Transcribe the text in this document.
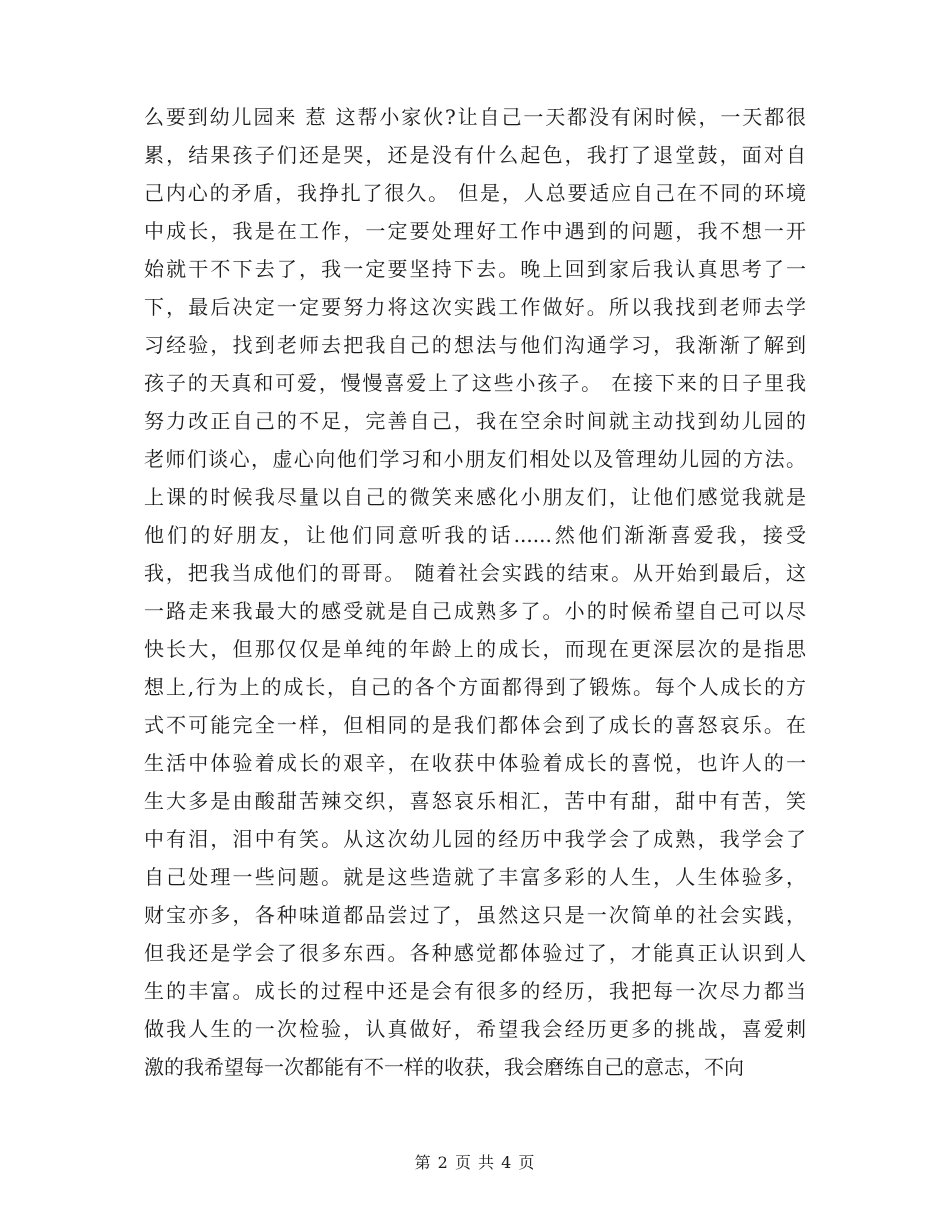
么要到幼儿园来 惹 这帮小家伙?让自己一天都没有闲时候，一天都很
累，结果孩子们还是哭，还是没有什么起色，我打了退堂鼓，面对自
己内心的矛盾，我挣扎了很久。 但是，人总要适应自己在不同的环境
中成长，我是在工作，一定要处理好工作中遇到的问题，我不想一开
始就干不下去了，我一定要坚持下去。晚上回到家后我认真思考了一
下，最后决定一定要努力将这次实践工作做好。所以我找到老师去学
习经验，找到老师去把我自己的想法与他们沟通学习，我渐渐了解到
孩子的天真和可爱，慢慢喜爱上了这些小孩子。 在接下来的日子里我
努力改正自己的不足，完善自己，我在空余时间就主动找到幼儿园的
老师们谈心，虚心向他们学习和小朋友们相处以及管理幼儿园的方法。
上课的时候我尽量以自己的微笑来感化小朋友们，让他们感觉我就是
他们的好朋友，让他们同意听我的话......然他们渐渐喜爱我，接受
我，把我当成他们的哥哥。 随着社会实践的结束。从开始到最后，这
一路走来我最大的感受就是自己成熟多了。小的时候希望自己可以尽
快长大，但那仅仅是单纯的年龄上的成长，而现在更深层次的是指思
想上,行为上的成长，自己的各个方面都得到了锻炼。每个人成长的方
式不可能完全一样，但相同的是我们都体会到了成长的喜怒哀乐。在
生活中体验着成长的艰辛，在收获中体验着成长的喜悦，也许人的一
生大多是由酸甜苦辣交织，喜怒哀乐相汇，苦中有甜，甜中有苦，笑
中有泪，泪中有笑。从这次幼儿园的经历中我学会了成熟，我学会了
自己处理一些问题。就是这些造就了丰富多彩的人生，人生体验多，
财宝亦多，各种味道都品尝过了，虽然这只是一次简单的社会实践，
但我还是学会了很多东西。各种感觉都体验过了，才能真正认识到人
生的丰富。成长的过程中还是会有很多的经历，我把每一次尽力都当
做我人生的一次检验，认真做好，希望我会经历更多的挑战，喜爱刺
激的我希望每一次都能有不一样的收获，我会磨练自己的意志，不向
第 2 页 共 4 页
